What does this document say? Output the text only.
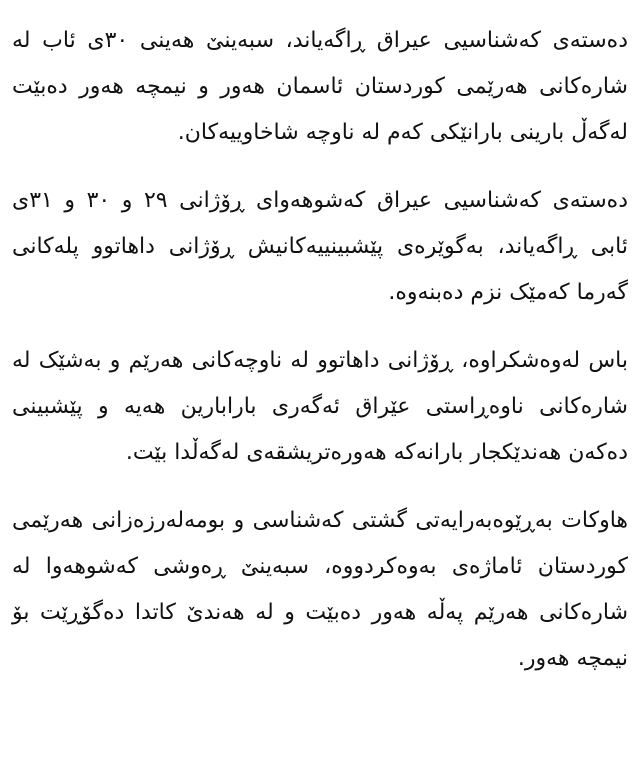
دەستەی کەشناسیی عیراق ڕاگەیاند، سبەینێ هەینی ٣٠ی ئاب لە شارەکانی هەرێمی کوردستان ئاسمان هەور و نیمچە هەور دەبێت لەگەڵ بارینی بارانێکی کەم لە ناوچە شاخاوییەکان.

دەستەی کەشناسیی عیراق کەشوهەوای ڕۆژانی ٢٩ و ٣٠ و ٣١ی ئابی ڕاگەیاند، بەگوێرەی پێشبینییەکانیش ڕۆژانی داهاتوو پلەکانی گەرما کەمێک نزم دەبنەوە.

باس لەوەشکراوە، ڕۆژانی داهاتوو لە ناوچەکانی هەرێم و بەشێک لە شارەکانی ناوەڕاستی عێراق ئەگەری بارابارین هەیە و پێشبینی دەکەن هەندێکجار بارانەکە هەورەتریشقەی لەگەڵدا بێت.

هاوکات بەڕێوەبەرایەتی گشتی کەشناسی و بومەلەرزەزانی هەرێمی کوردستان ئاماژەی بەوەکردووە، سبەینێ ڕەوشی کەشوهەوا لە شارەکانی هەرێم پەڵە هەور دەبێت و لە هەندێ کاتدا دەگۆڕێت بۆ نیمچە هەور.
